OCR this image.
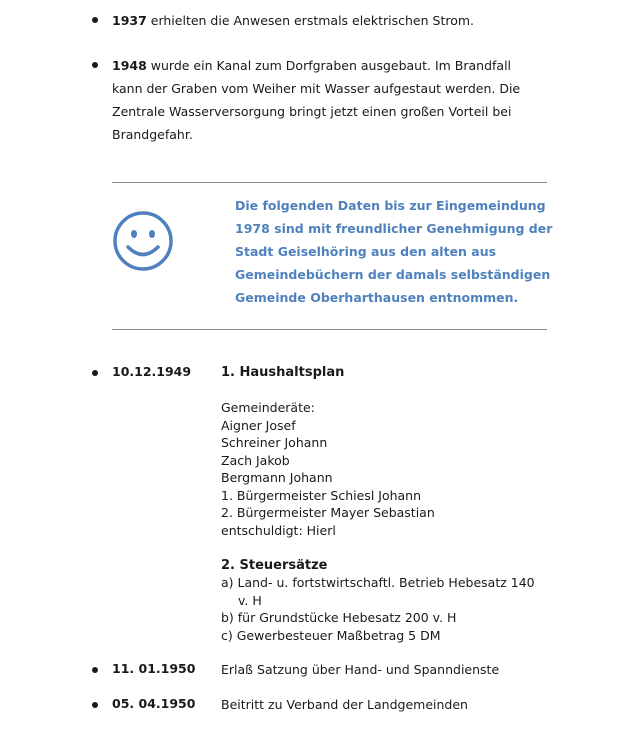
1937 erhielten die Anwesen erstmals elektrischen Strom.
1948 wurde ein Kanal zum Dorfgraben ausgebaut. Im Brandfall kann der Graben vom Weiher mit Wasser aufgestaut werden. Die Zentrale Wasserversorgung bringt jetzt einen großen Vorteil bei Brandgefahr.
Die folgenden Daten bis zur Eingemeindung 1978 sind mit freundlicher Genehmigung der Stadt Geiselhöring aus den alten aus Gemeindebüchern der damals selbständigen Gemeinde Oberharthausen entnommen.
10.12.1949 1. Haushaltsplan
Gemeinderäte:
Aigner Josef
Schreiner Johann
Zach Jakob
Bergmann Johann
1. Bürgermeister Schiesl Johann
2. Bürgermeister Mayer Sebastian
entschuldigt: Hierl
2. Steuersätze
a) Land- u. fortstwirtschaftl. Betrieb Hebesatz 140
v. H
b) für Grundstücke Hebesatz 200 v. H
c) Gewerbesteuer Maßbetrag 5 DM
11. 01.1950 Erlaß Satzung über Hand- und Spanndienste
05. 04.1950 Beitritt zu Verband der Landgemeinden
